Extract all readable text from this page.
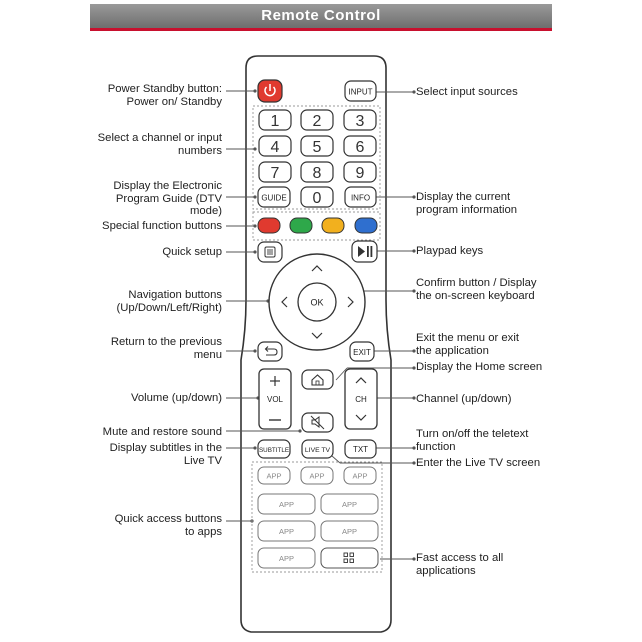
Remote Control
Power Standby button:
Power on/ Standby
Select a channel or input
numbers
Display the Electronic
Program Guide (DTV
mode)
Special function buttons
Quick setup
Navigation buttons
(Up/Down/Left/Right)
Return to the previous
menu
Volume (up/down)
Mute and restore sound
Display subtitles in the
Live TV
Quick access buttons
to apps
Select input sources
Display the current
program information
Playpad keys
Confirm button / Display
the on-screen keyboard
Exit the menu or exit
the application
Display the Home screen
Channel (up/down)
Turn on/off the teletext
function
Enter the Live TV screen
Fast access to all
applications
INPUT
1 2 3
4 5 6
7 8 9
0
GUIDE	INFO
OK
EXIT
VOL	CH
SUBTITLE LIVE TV	TXT
APP	APP	APP
APP	APP
APP	APP
APP
